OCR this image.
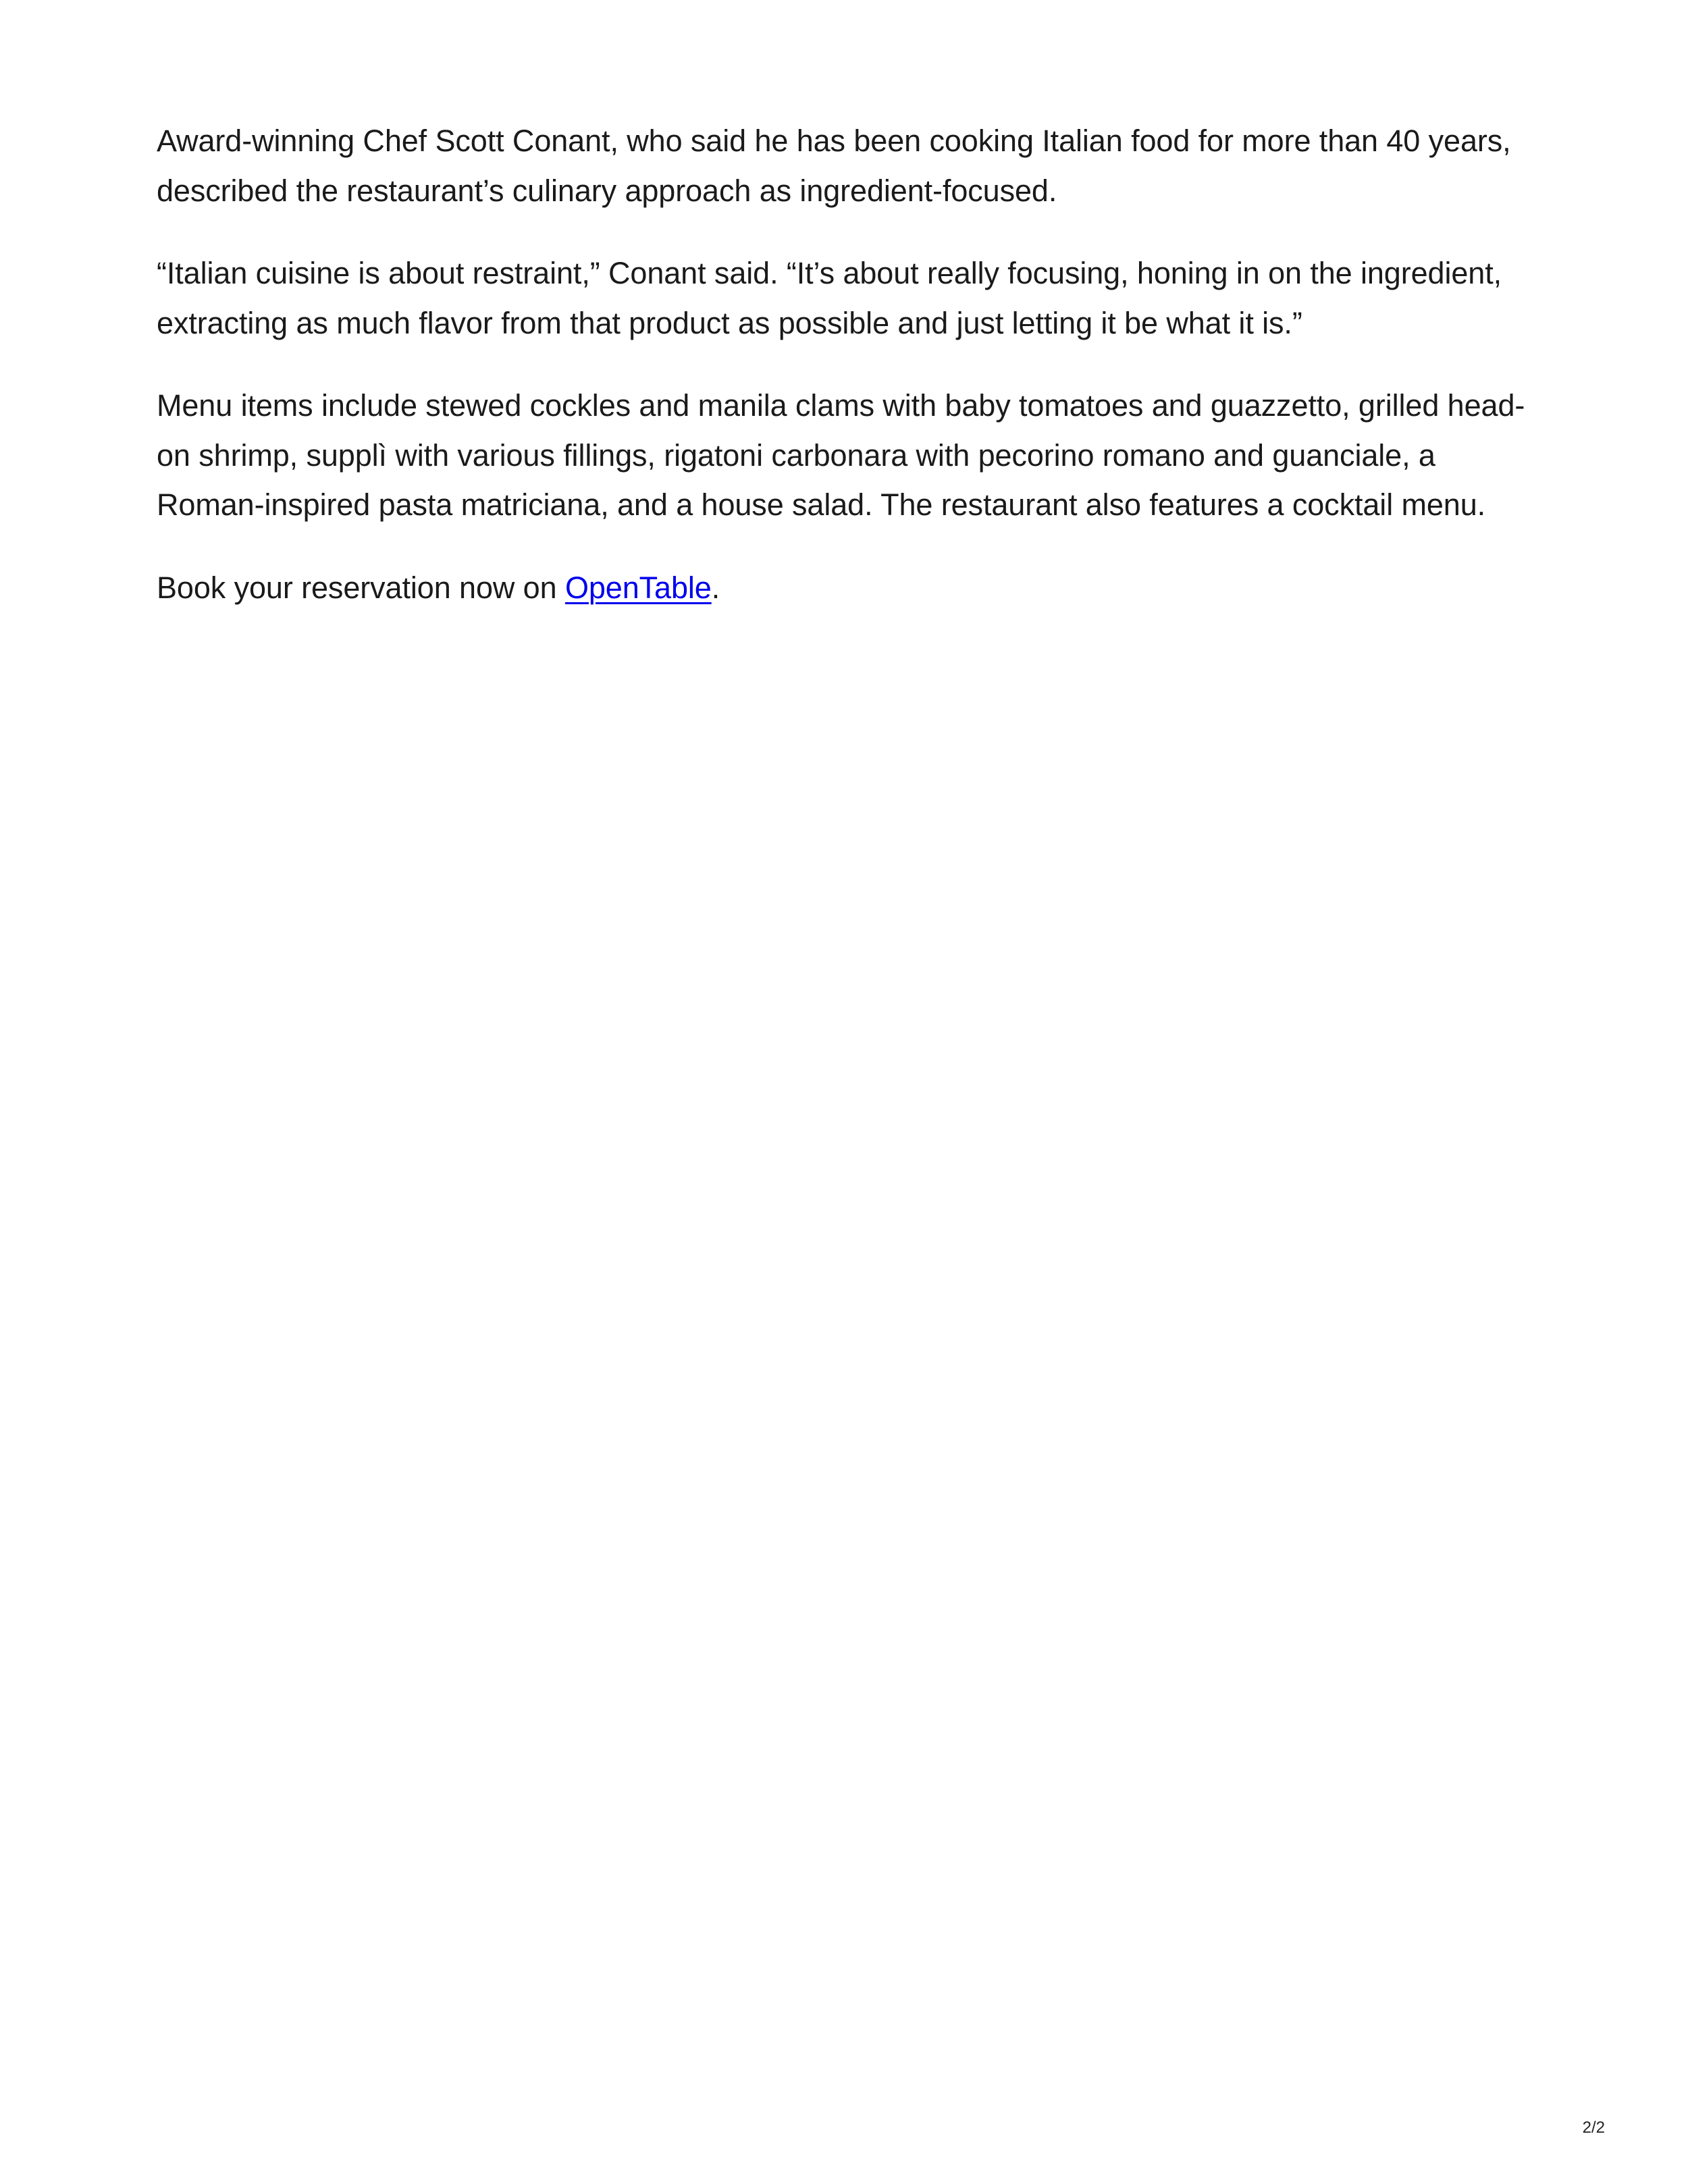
Award-winning Chef Scott Conant, who said he has been cooking Italian food for more than 40 years, described the restaurant’s culinary approach as ingredient-focused.

“Italian cuisine is about restraint,” Conant said. “It’s about really focusing, honing in on the ingredient, extracting as much flavor from that product as possible and just letting it be what it is.”

Menu items include stewed cockles and manila clams with baby tomatoes and guazzetto, grilled head-on shrimp, supplì with various fillings, rigatoni carbonara with pecorino romano and guanciale, a Roman-inspired pasta matriciana, and a house salad. The restaurant also features a cocktail menu.

Book your reservation now on OpenTable.

2/2
